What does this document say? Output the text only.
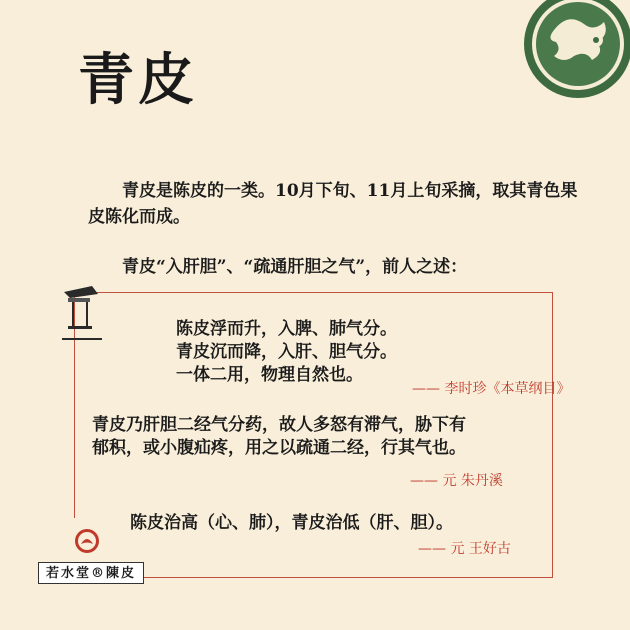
青皮
青皮是陈皮的一类。10月下旬、11月上旬采摘，取其青色果皮陈化而成。
青皮“入肝胆”、“疏通肝胆之气”，前人之述：
陈皮浮而升，入脾、肺气分。
青皮沉而降，入肝、胆气分。
一体二用，物理自然也。
—— 李时珍《本草纲目》
青皮乃肝胆二经气分药，故人多怒有滞气，胁下有
郁积，或小腹疝疼，用之以疏通二经，行其气也。
—— 元 朱丹溪
陈皮治高（心、肺），青皮治低（肝、胆）。
—— 元 王好古
若水堂®陳皮
